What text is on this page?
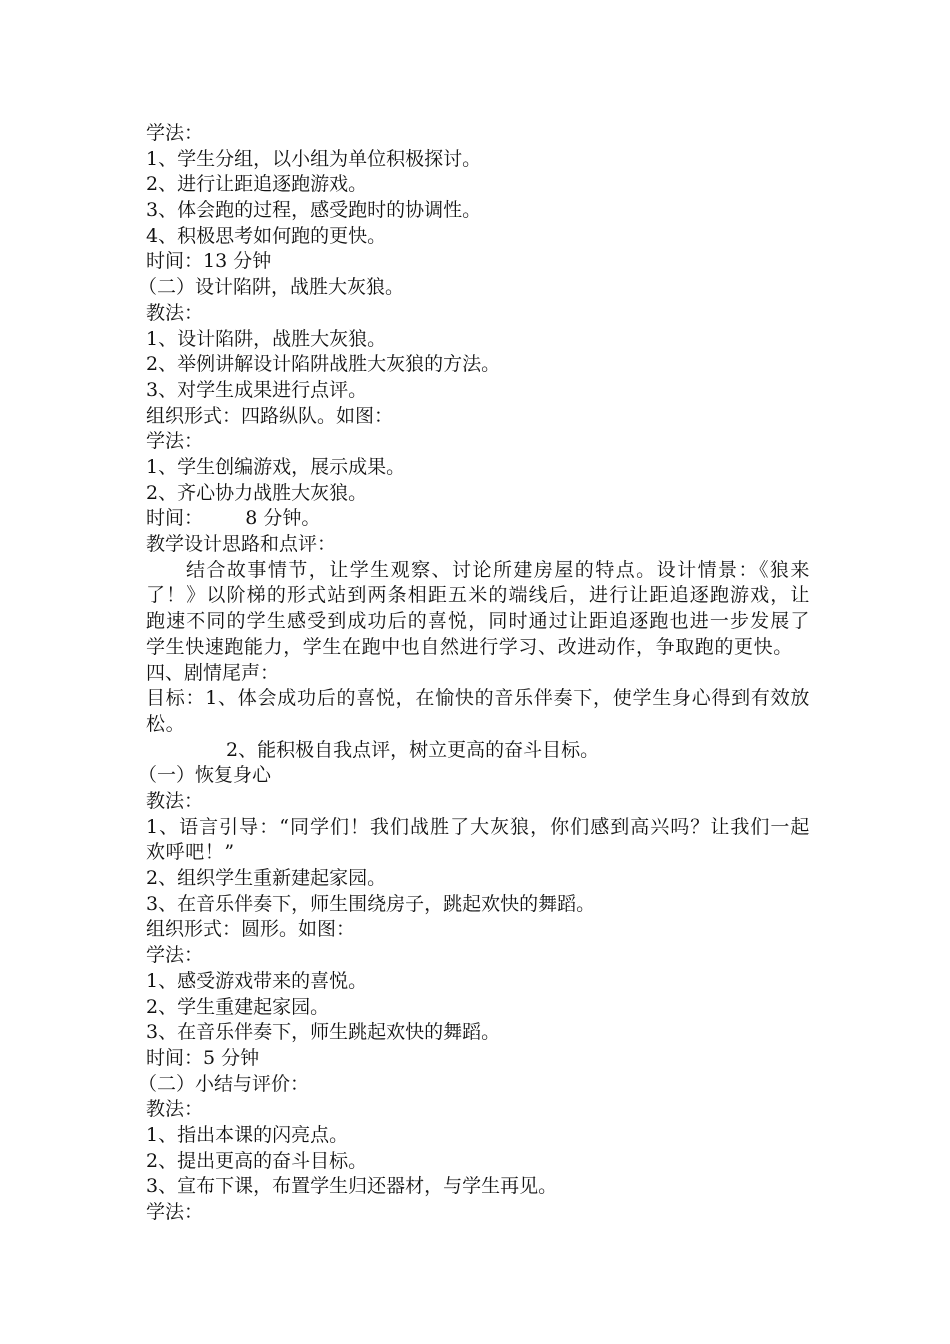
学法：
1、学生分组，以小组为单位积极探讨。
2、进行让距追逐跑游戏。
3、体会跑的过程，感受跑时的协调性。
4、积极思考如何跑的更快。
时间：13 分钟
（二）设计陷阱，战胜大灰狼。
教法：
1、设计陷阱，战胜大灰狼。
2、举例讲解设计陷阱战胜大灰狼的方法。
3、对学生成果进行点评。
组织形式：四路纵队。如图：
学法：
1、学生创编游戏，展示成果。
2、齐心协力战胜大灰狼。
时间：       8 分钟。
教学设计思路和点评：
结合故事情节，让学生观察、讨论所建房屋的特点。设计情景：《狼来了！》以阶梯的形式站到两条相距五米的端线后，进行让距追逐跑游戏，让跑速不同的学生感受到成功后的喜悦，同时通过让距追逐跑也进一步发展了学生快速跑能力，学生在跑中也自然进行学习、改进动作，争取跑的更快。
四、剧情尾声：
目标：1、体会成功后的喜悦，在愉快的音乐伴奏下，使学生身心得到有效放松。
2、能积极自我点评，树立更高的奋斗目标。
（一）恢复身心
教法：
1、语言引导：“同学们！我们战胜了大灰狼，你们感到高兴吗？让我们一起欢呼吧！”
2、组织学生重新建起家园。
3、在音乐伴奏下，师生围绕房子，跳起欢快的舞蹈。
组织形式：圆形。如图：
学法：
1、感受游戏带来的喜悦。
2、学生重建起家园。
3、在音乐伴奏下，师生跳起欢快的舞蹈。
时间：5 分钟
（二）小结与评价：
教法：
1、指出本课的闪亮点。
2、提出更高的奋斗目标。
3、宣布下课，布置学生归还器材，与学生再见。
学法：
